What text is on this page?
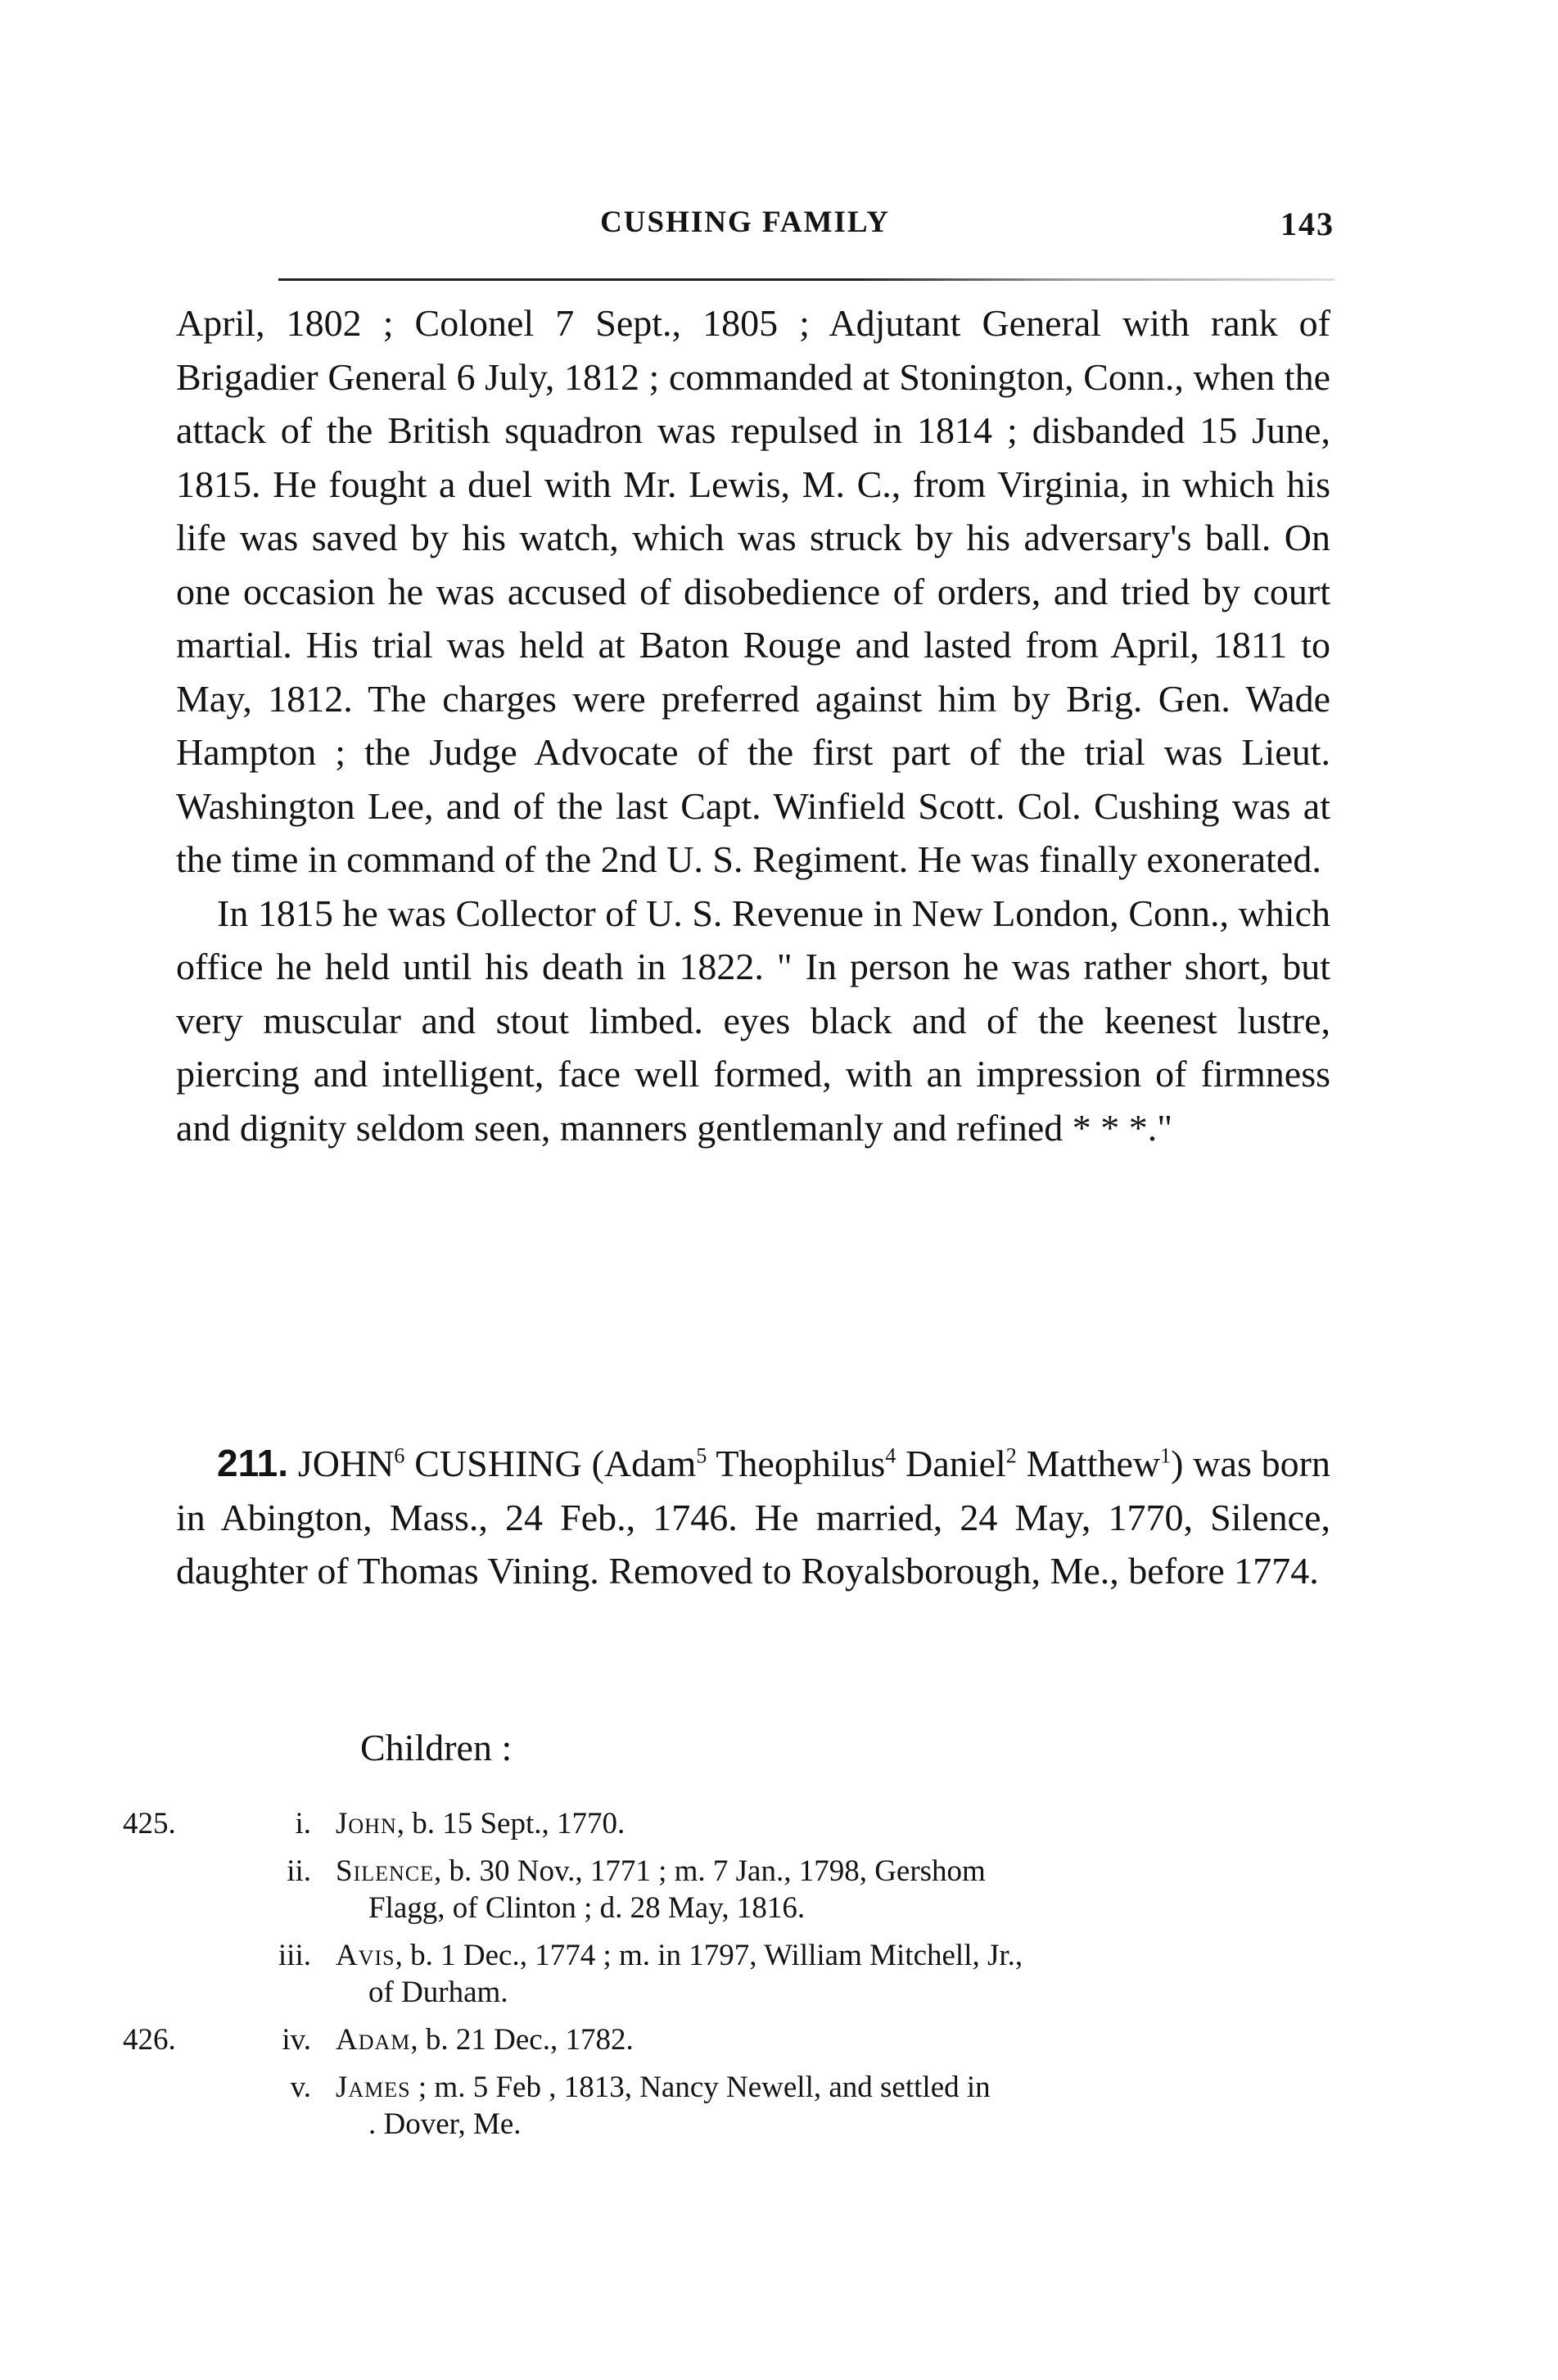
CUSHING FAMILY	143

April, 1802 ; Colonel 7 Sept., 1805 ; Adjutant General with rank of Brigadier General 6 July, 1812 ; commanded at Stonington, Conn., when the attack of the British squadron was repulsed in 1814 ; disbanded 15 June, 1815. He fought a duel with Mr. Lewis, M. C., from Virginia, in which his life was saved by his watch, which was struck by his adversary's ball. On one occasion he was accused of disobedience of orders, and tried by court martial. His trial was held at Baton Rouge and lasted from April, 1811 to May, 1812. The charges were preferred against him by Brig. Gen. Wade Hampton ; the Judge Advocate of the first part of the trial was Lieut. Washington Lee, and of the last Capt. Winfield Scott. Col. Cushing was at the time in command of the 2nd U. S. Regiment. He was finally exonerated.

In 1815 he was Collector of U. S. Revenue in New London, Conn., which office he held until his death in 1822. " In person he was rather short, but very muscular and stout limbed. eyes black and of the keenest lustre, piercing and intelligent, face well formed, with an impression of firmness and dignity seldom seen, manners gentlemanly and refined * * *."

211. JOHN$^6$ CUSHING (Adam$^5$ Theophilus$^4$ Daniel$^2$ Matthew$^1$) was born in Abington, Mass., 24 Feb., 1746. He married, 24 May, 1770, Silence, daughter of Thomas Vining. Removed to Royalsborough, Me., before 1774.
Children :
425.	i. John, b. 15 Sept., 1770.
ii. Silence, b. 30 Nov., 1771 ; m. 7 Jan., 1798, Gershom
Flagg, of Clinton ; d. 28 May, 1816.
iii. Avis, b. 1 Dec., 1774 ; m. in 1797, William Mitchell, Jr.,
of Durham.
426.	iv. Adam, b. 21 Dec., 1782.
v. James ; m. 5 Feb , 1813, Nancy Newell, and settled in
. Dover, Me.
